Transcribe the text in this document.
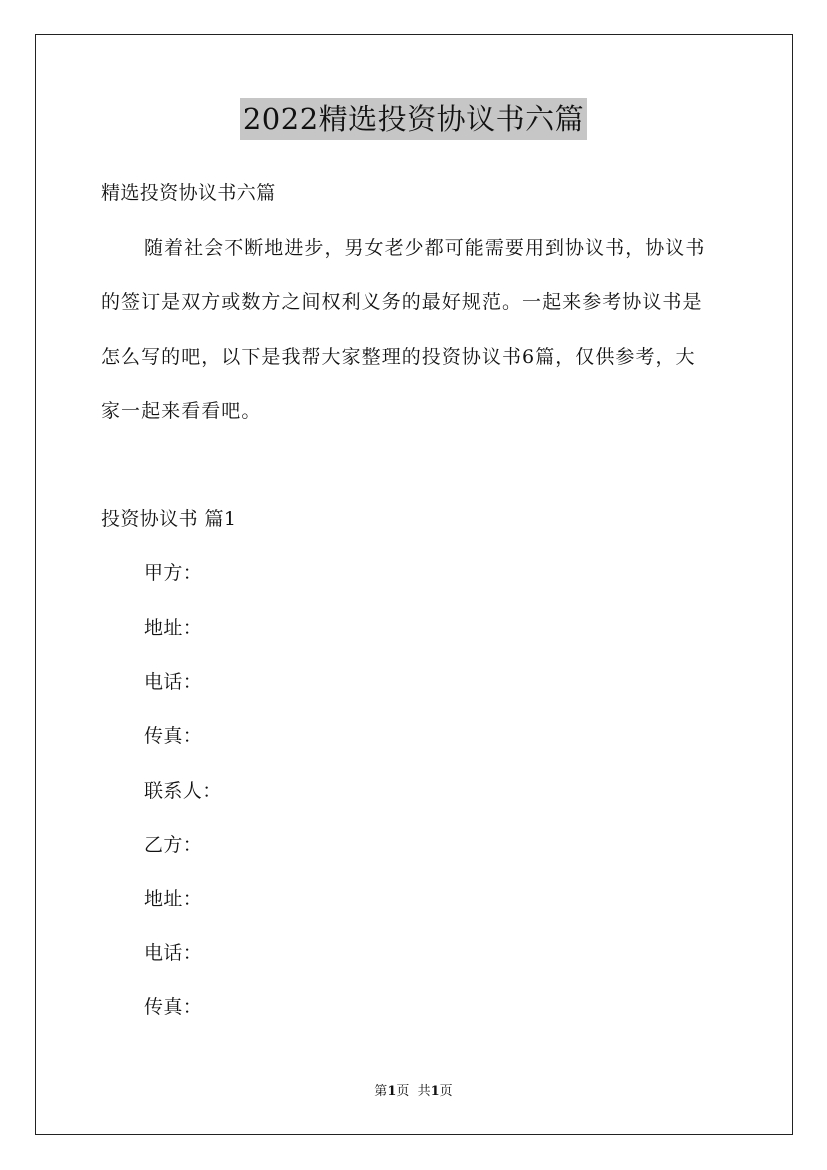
2022精选投资协议书六篇
精选投资协议书六篇
随着社会不断地进步，男女老少都可能需要用到协议书，协议书
的签订是双方或数方之间权利义务的最好规范。一起来参考协议书是
怎么写的吧，以下是我帮大家整理的投资协议书6篇，仅供参考，大
家一起来看看吧。
投资协议书 篇1
甲方：
地址：
电话：
传真：
联系人：
乙方：
地址：
电话：
传真：
第1页  共1页
